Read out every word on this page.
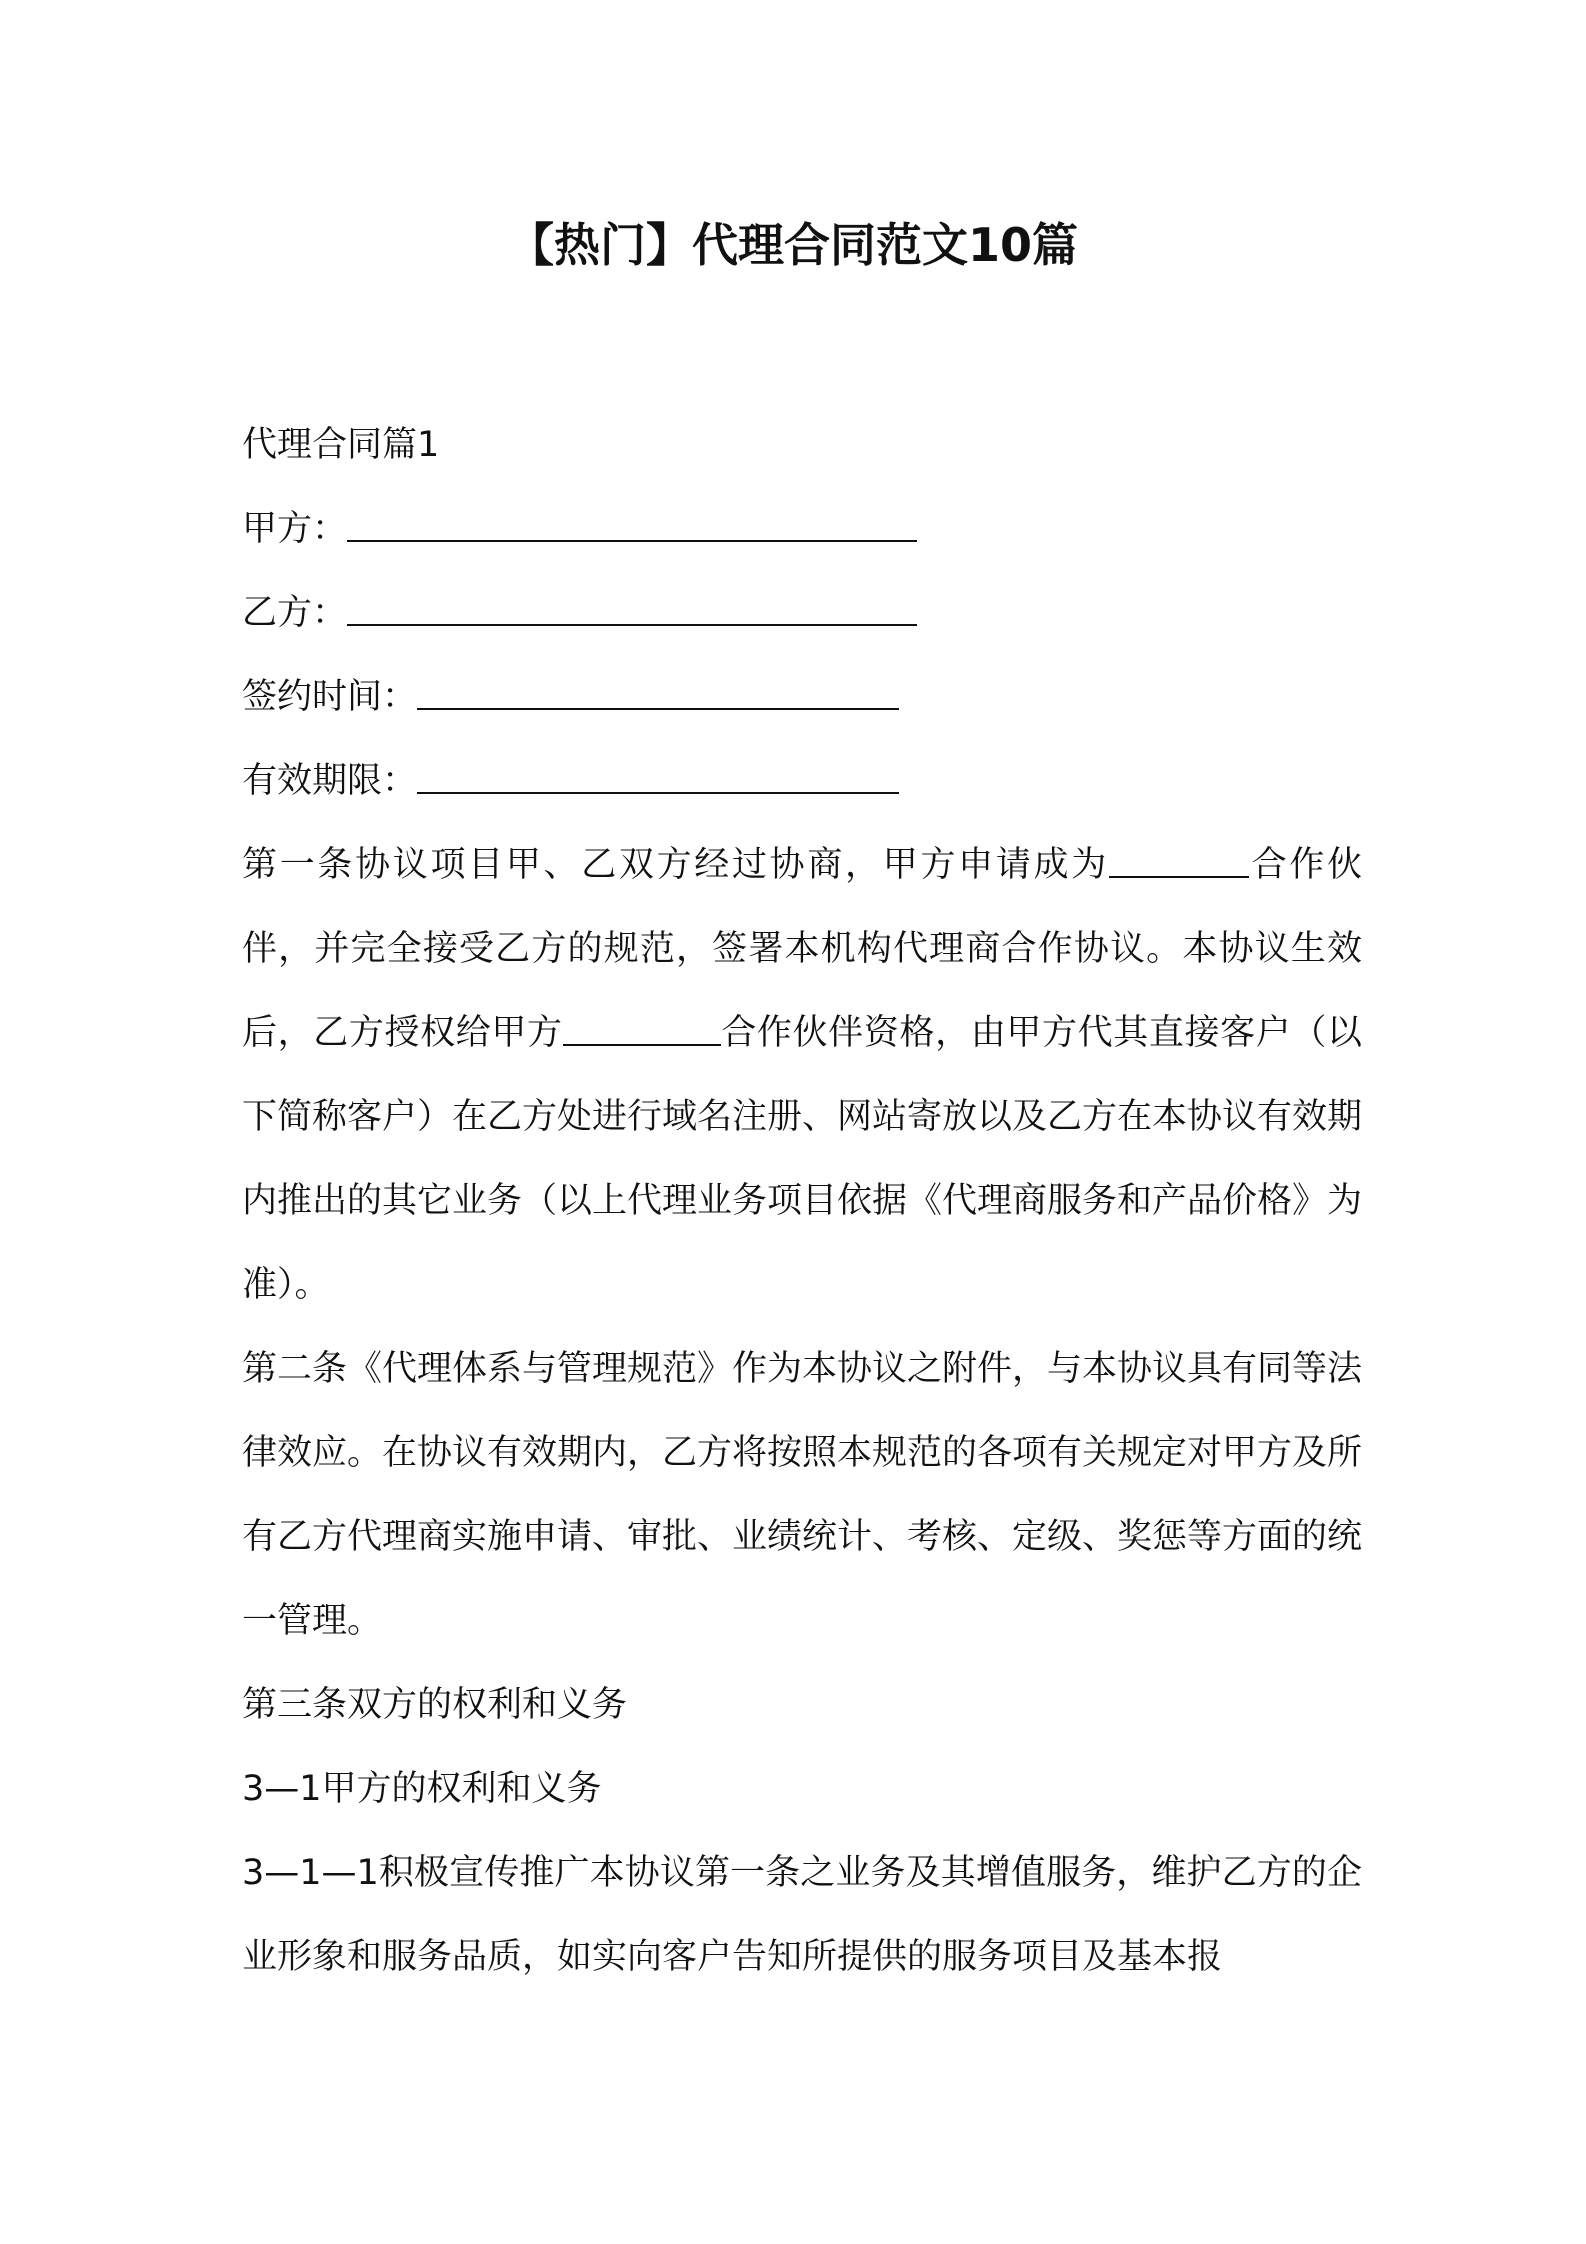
【热门】代理合同范文10篇

代理合同篇1

甲方：

乙方：

签约时间：

有效期限：

第一条协议项目甲、乙双方经过协商，甲方申请成为	合作伙伴，并完全接受乙方的规范，签署本机构代理商合作协议。本协议生效后，乙方授权给甲方	合作伙伴资格，由甲方代其直接客户（以下简称客户）在乙方处进行域名注册、网站寄放以及乙方在本协议有效期内推出的其它业务（以上代理业务项目依据《代理商服务和产品价格》为准）。

第二条《代理体系与管理规范》作为本协议之附件，与本协议具有同等法律效应。在协议有效期内，乙方将按照本规范的各项有关规定对甲方及所有乙方代理商实施申请、审批、业绩统计、考核、定级、奖惩等方面的统一管理。

第三条双方的权利和义务

3—1甲方的权利和义务

3—1—1积极宣传推广本协议第一条之业务及其增值服务，维护乙方的企业形象和服务品质，如实向客户告知所提供的服务项目及基本报
